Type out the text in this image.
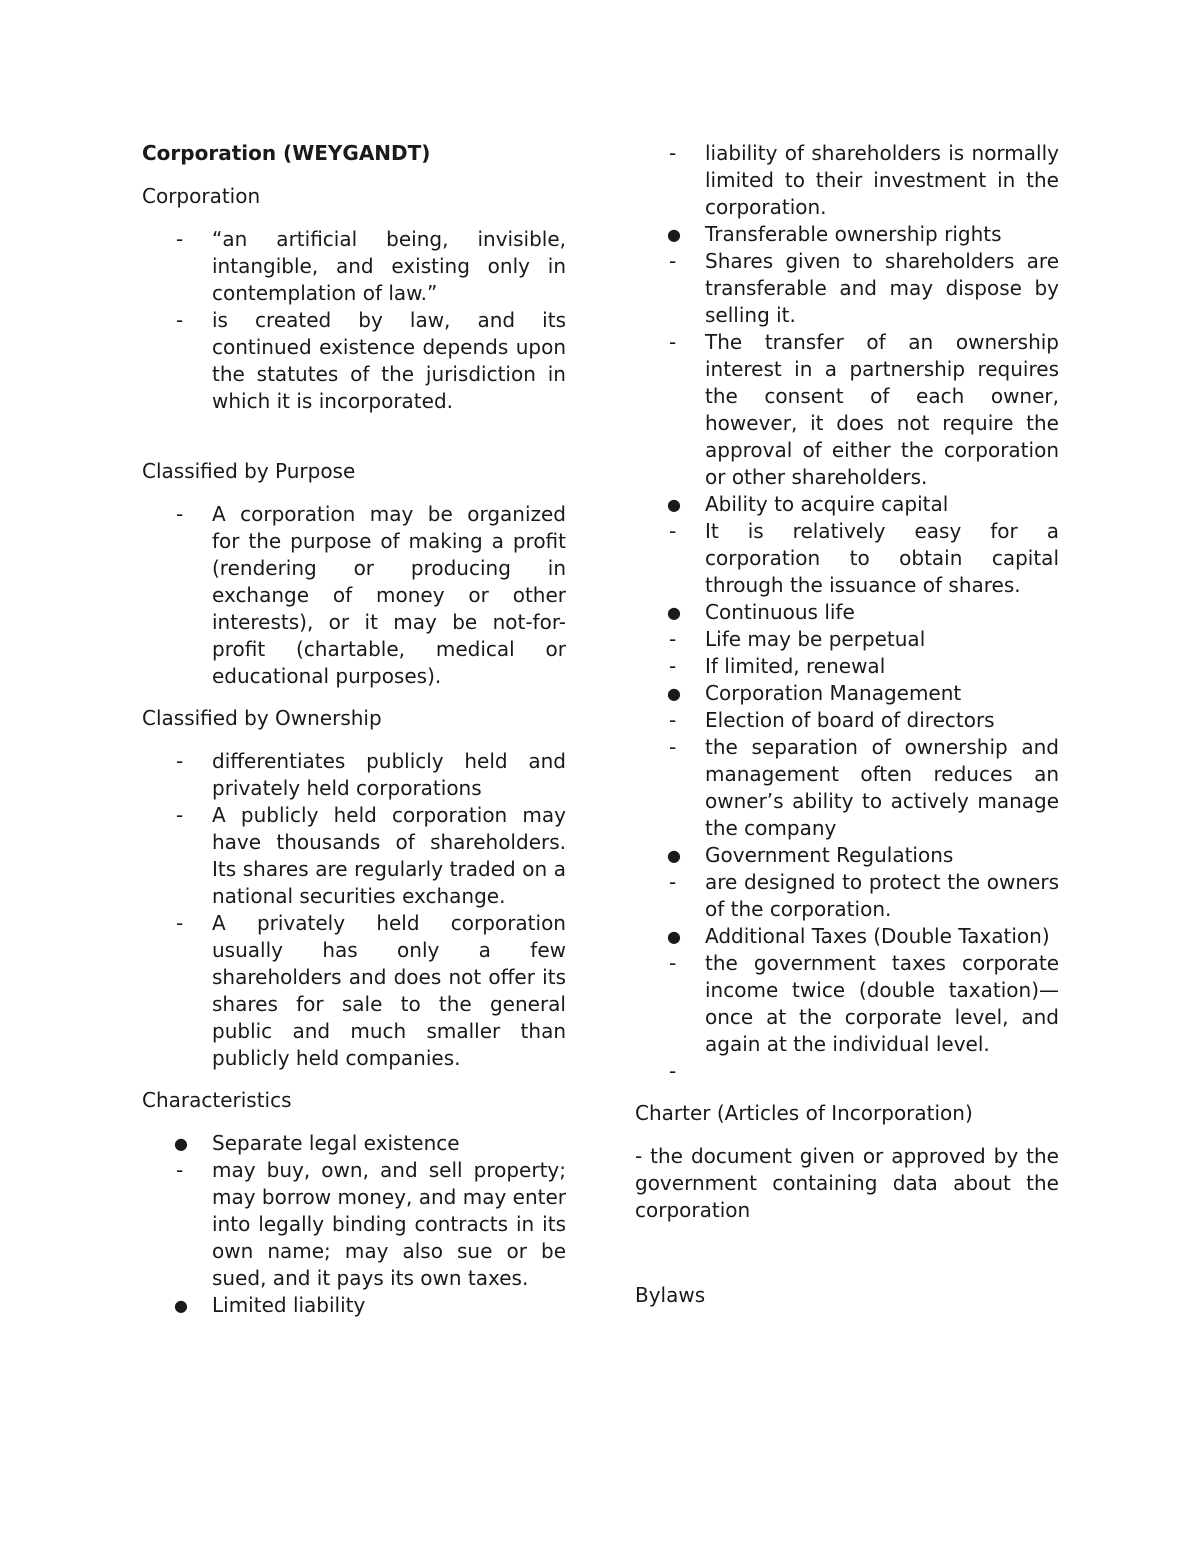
Corporation (WEYGANDT)
Corporation
-	“an artificial being, invisible, intangible, and existing only in contemplation of law.”
-	is created by law, and its continued existence depends upon the statutes of the jurisdiction in which it is incorporated.
Classified by Purpose
-	A corporation may be organized for the purpose of making a profit (rendering or producing in exchange of money or other interests), or it may be not-for-profit (chartable, medical or educational purposes).
Classified by Ownership
-	differentiates publicly held and privately held corporations
-	A publicly held corporation may have thousands of shareholders. Its shares are regularly traded on a national securities exchange.
-	A privately held corporation usually has only a few shareholders and does not offer its shares for sale to the general public and much smaller than publicly held companies.
Characteristics
●	Separate legal existence
-	may buy, own, and sell property; may borrow money, and may enter into legally binding contracts in its own name; may also sue or be sued, and it pays its own taxes.
●	Limited liability
-	liability of shareholders is normally limited to their investment in the corporation.
●	Transferable ownership rights
-	Shares given to shareholders are transferable and may dispose by selling it.
-	The transfer of an ownership interest in a partnership requires the consent of each owner, however, it does not require the approval of either the corporation or other shareholders.
●	Ability to acquire capital
-	It is relatively easy for a corporation to obtain capital through the issuance of shares.
●	Continuous life
-	Life may be perpetual
-	If limited, renewal
●	Corporation Management
-	Election of board of directors
-	the separation of ownership and management often reduces an owner’s ability to actively manage the company
●	Government Regulations
-	are designed to protect the owners of the corporation.
●	Additional Taxes (Double Taxation)
-	the government taxes corporate income twice (double taxation)—once at the corporate level, and again at the individual level.
-
Charter (Articles of Incorporation)
- the document given or approved by the government containing data about the corporation
Bylaws
